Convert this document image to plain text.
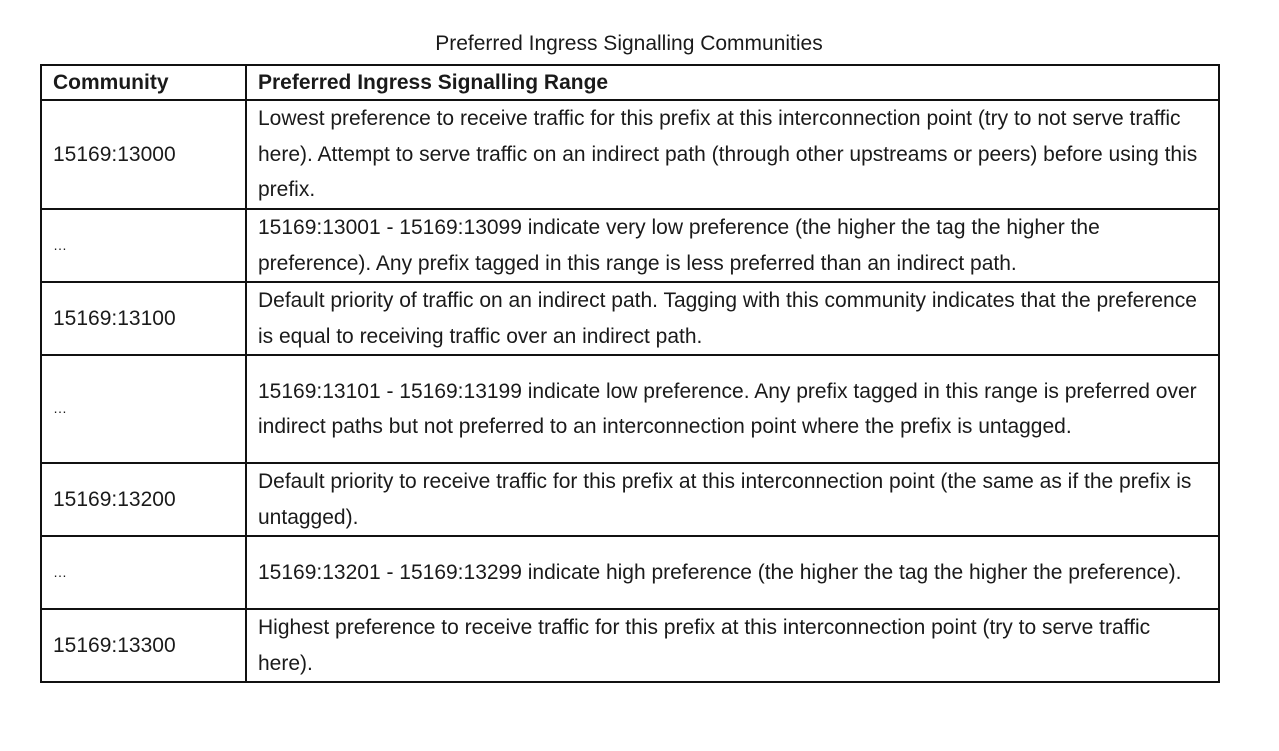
Preferred Ingress Signalling Communities
Community	Preferred Ingress Signalling Range
15169:13000	Lowest preference to receive traffic for this prefix at this interconnection point (try to not serve traffic here). Attempt to serve traffic on an indirect path (through other upstreams or peers) before using this prefix.
…	15169:13001 - 15169:13099 indicate very low preference (the higher the tag the higher the preference). Any prefix tagged in this range is less preferred than an indirect path.
15169:13100	Default priority of traffic on an indirect path. Tagging with this community indicates that the preference is equal to receiving traffic over an indirect path.
…	15169:13101 - 15169:13199 indicate low preference. Any prefix tagged in this range is preferred over indirect paths but not preferred to an interconnection point where the prefix is untagged.
15169:13200	Default priority to receive traffic for this prefix at this interconnection point (the same as if the prefix is untagged).
…	15169:13201 - 15169:13299 indicate high preference (the higher the tag the higher the preference).
15169:13300	Highest preference to receive traffic for this prefix at this interconnection point (try to serve traffic here).
